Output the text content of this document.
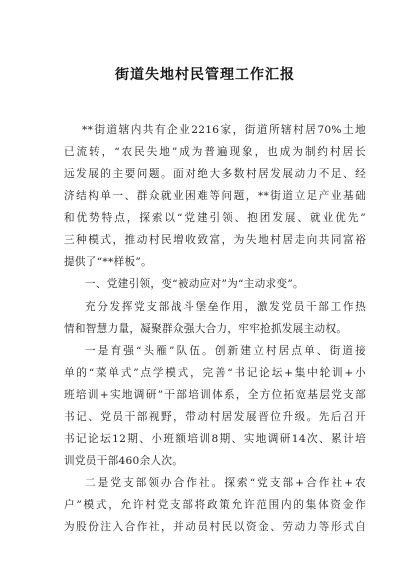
街道失地村民管理工作汇报
**街道辖内共有企业2216家，街道所辖村居70%土地
已流转，“农民失地”成为普遍现象，也成为制约村居长
远发展的主要问题。面对绝大多数村居发展动力不足、经
济结构单一、群众就业困难等问题，**街道立足产业基础
和优势特点，探索以“党建引领、抱团发展、就业优先”
三种模式，推动村民增收致富，为失地村居走向共同富裕
提供了“**样板”。
一、党建引领，变“被动应对”为“主动求变”。
充分发挥党支部战斗堡垒作用，激发党员干部工作热
情和智慧力量，凝聚群众强大合力，牢牢抢抓发展主动权。
一是育强“头雁”队伍。创新建立村居点单、街道接
单的“菜单式”点学模式，完善“书记论坛+集中轮训+小
班培训+实地调研”干部培训体系，全方位拓宽基层党支部
书记、党员干部视野，带动村居发展晋位升级。先后召开
书记论坛12期、小班额培训8期、实地调研14次、累计培
训党员干部460余人次。
二是党支部领办合作社。探索“党支部+合作社+农
户”模式，允许村党支部将政策允许范围内的集体资金作
为股份注入合作社，并动员村民以资金、劳动力等形式自
